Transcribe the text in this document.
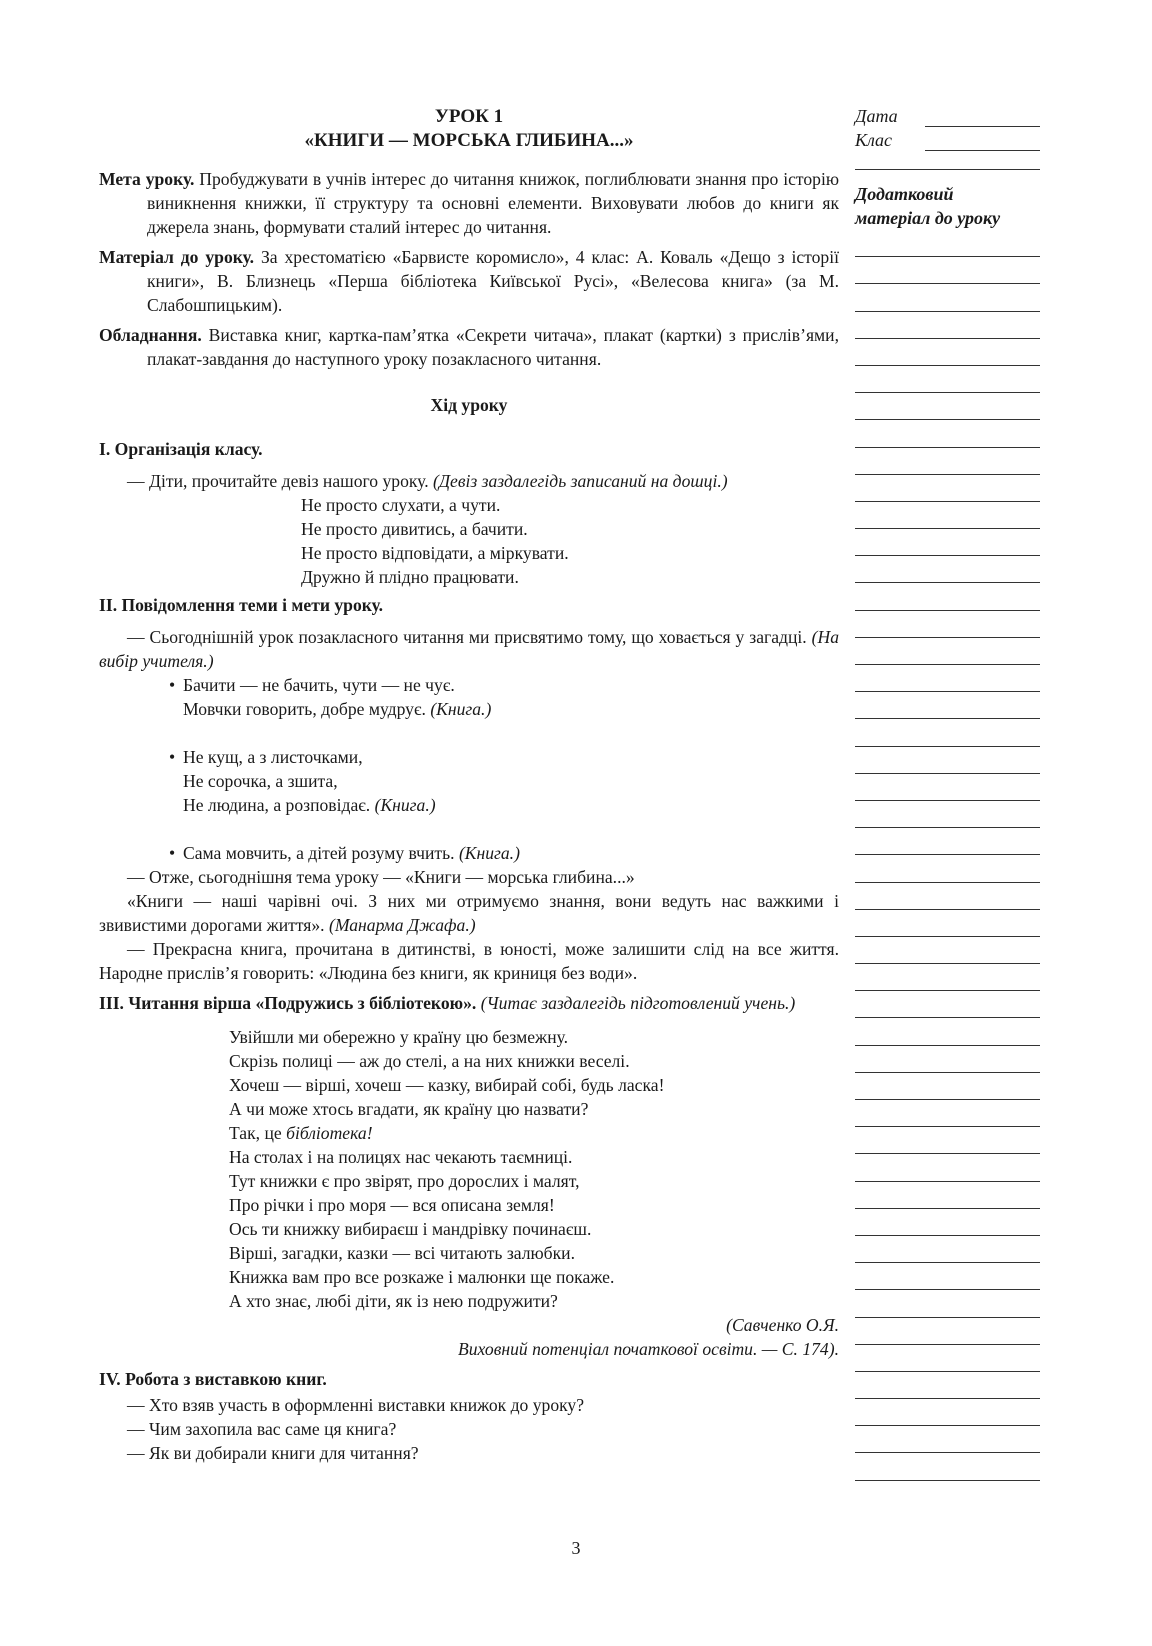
УРОК 1
«КНИГИ — МОРСЬКА ГЛИБИНА...»
Мета уроку. Пробуджувати в учнів інтерес до читання книжок, поглиблювати знання про історію виникнення книжки, її структуру та основні елементи. Виховувати любов до книги як джерела знань, формувати сталий інтерес до читання.
Матеріал до уроку. За хрестоматією «Барвисте коромисло», 4 клас: А. Коваль «Дещо з історії книги», В. Близнець «Перша бібліотека Київської Русі», «Велесова книга» (за М. Слабошпицьким).
Обладнання. Виставка книг, картка-пам’ятка «Секрети читача», плакат (картки) з прислів’ями, плакат-завдання до наступного уроку позакласного читання.
Хід уроку
I. Організація класу.

— Діти, прочитайте девіз нашого уроку. (Девіз заздалегідь записаний на дошці.)

Не просто слухати, а чути.
Не просто дивитись, а бачити.
Не просто відповідати, а міркувати.
Дружно й плідно працювати.
II. Повідомлення теми і мети уроку.

— Сьогоднішній урок позакласного читання ми присвятимо тому, що ховається у загадці. (На вибір учителя.)

• Бачити — не бачить, чути — не чує.
Мовчки говорить, добре мудрує. (Книга.)
• Не кущ, а з листочками,
Не сорочка, а зшита,
Не людина, а розповідає. (Книга.)
• Сама мовчить, а дітей розуму вчить. (Книга.)

— Отже, сьогоднішня тема уроку — «Книги — морська глибина...»

«Книги — наші чарівні очі. З них ми отримуємо знання, вони ведуть нас важкими і звивистими дорогами життя». (Манарма Джафа.)

— Прекрасна книга, прочитана в дитинстві, в юності, може залишити слід на все життя. Народне прислів’я говорить: «Людина без книги, як криниця без води».

III. Читання вірша «Подружись з бібліотекою». (Читає заздалегідь підготовлений учень.)
Увійшли ми обережно у країну цю безмежну.
Скрізь полиці — аж до стелі, а на них книжки веселі.
Хочеш — вірші, хочеш — казку, вибирай собі, будь ласка!
А чи може хтось вгадати, як країну цю назвати?
Так, це бібліотека!
На столах і на полицях нас чекають таємниці.
Тут книжки є про звірят, про дорослих і малят,
Про річки і про моря — вся описана земля!
Ось ти книжку вибираєш і мандрівку починаєш.
Вірші, загадки, казки — всі читають залюбки.
Книжка вам про все розкаже і малюнки ще покаже.
А хто знає, любі діти, як із нею подружити?
(Савченко О.Я.
Виховний потенціал початкової освіти. — С. 174).
IV. Робота з виставкою книг.

— Хто взяв участь в оформленні виставки книжок до уроку?

— Чим захопила вас саме ця книга?

— Як ви добирали книги для читання?

Дата
Клас
Додатковий
матеріал до уроку
3
